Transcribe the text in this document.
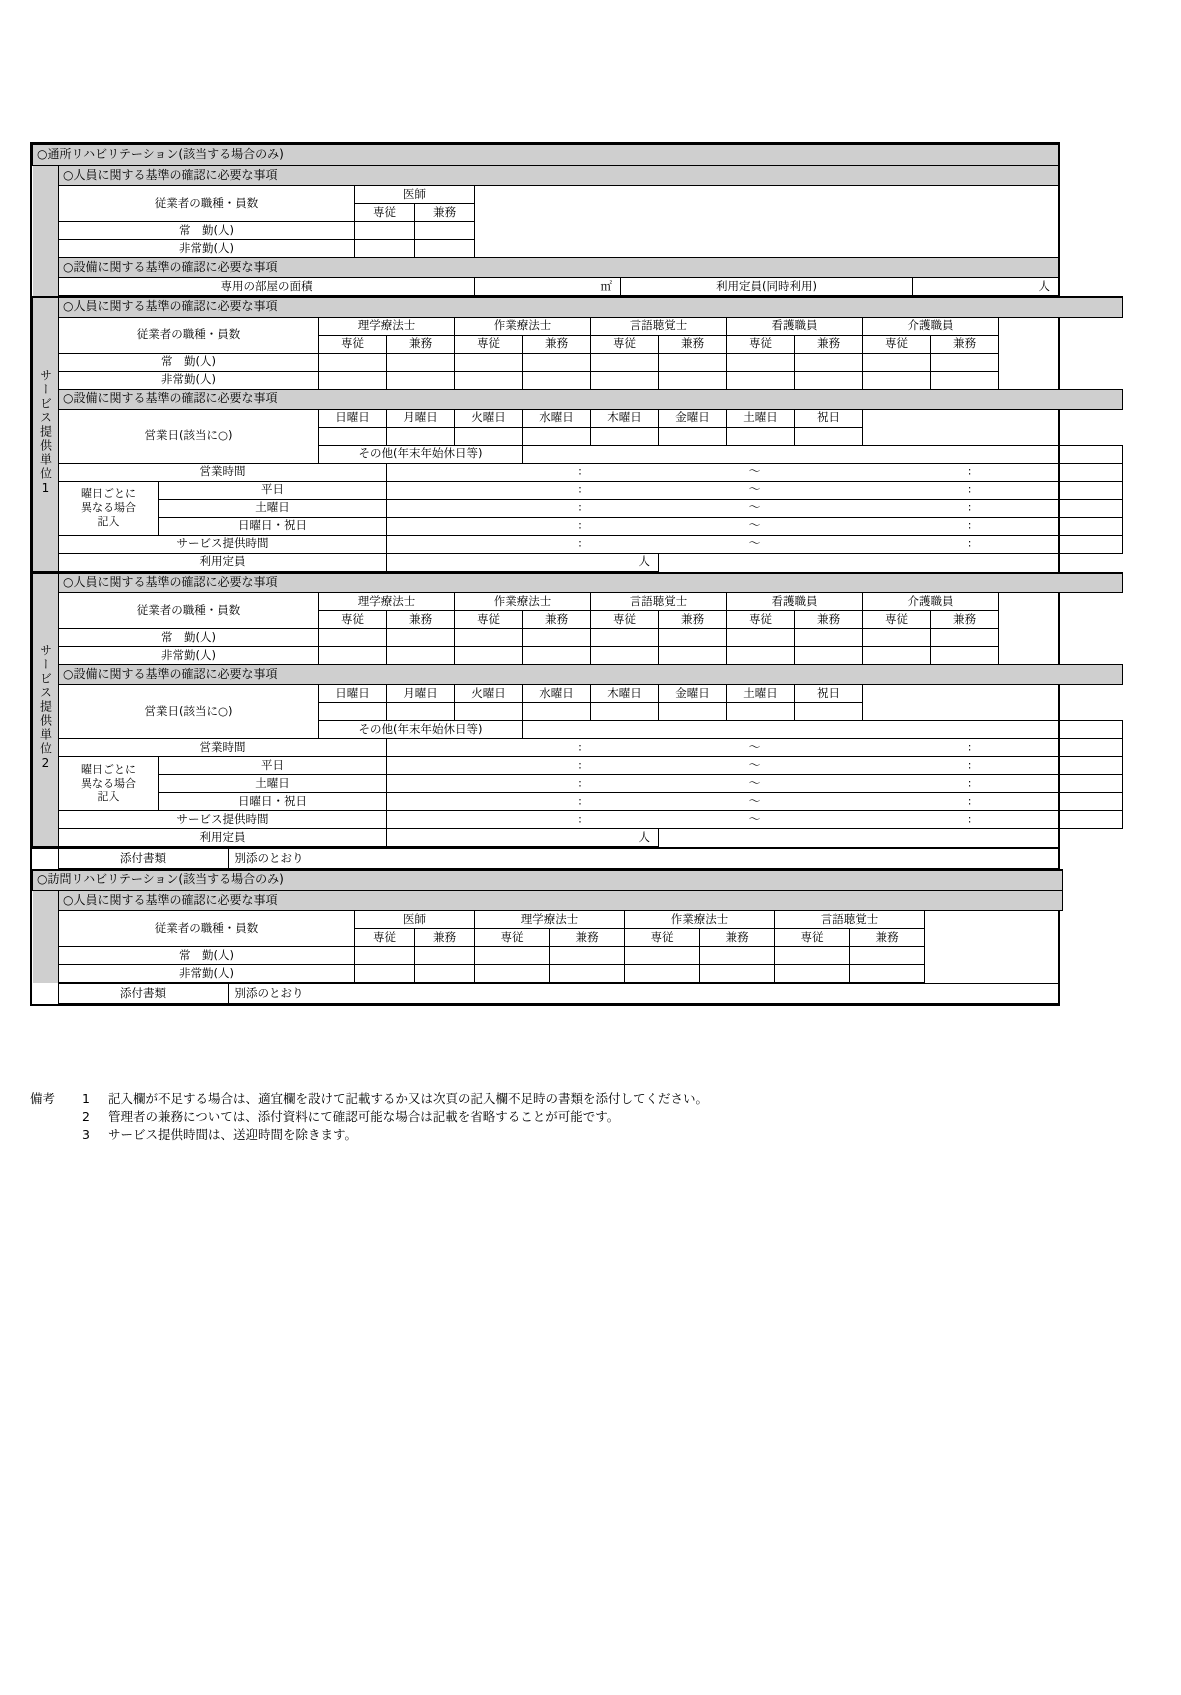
○通所リハビリテーション(該当する場合のみ)						
	○人員に関する基準の確認に必要な事項					
	従業者の職種・員数	医師				
		専従	兼務			
	常　勤(人)					
	非常勤(人)					
	○設備に関する基準の確認に必要な事項					
	専用の部屋の面積			㎡	利用定員(同時利用)	人
サービス提供単位1	○人員に関する基準の確認に必要な事項													
	従業者の職種・員数		理学療法士		作業療法士		言語聴覚士		看護職員		介護職員			
			専従	兼務	専従	兼務	専従	兼務	専従	兼務	専従	兼務		
	常　勤(人)													
	非常勤(人)													
	○設備に関する基準の確認に必要な事項													
	営業日(該当に○)		日曜日	月曜日	火曜日	水曜日	木曜日	金曜日	土曜日	祝日				

			その他(年末年始休日等)											
	営業時間			: ～ :										

曜日ごとに
異なる場合
記入
	平日	:	～	:

		土曜日		: ～ :										

		日曜日・祝日		: ～ :										

	サービス提供時間			: ～ :										

	利用定員			人										
サービス提供単位2	○人員に関する基準の確認に必要な事項													
	従業者の職種・員数		理学療法士		作業療法士		言語聴覚士		看護職員		介護職員			
			専従	兼務	専従	兼務	専従	兼務	専従	兼務	専従	兼務		
	常　勤(人)													
	非常勤(人)													
	○設備に関する基準の確認に必要な事項													
	営業日(該当に○)		日曜日	月曜日	火曜日	水曜日	木曜日	金曜日	土曜日	祝日				

			その他(年末年始休日等)											
	営業時間			: ～ :										

曜日ごとに
異なる場合
記入
	平日	:	～	:

		土曜日		: ～ :										

		日曜日・祝日		: ～ :										

	サービス提供時間			: ～ :										

	利用定員			人										
	添付書類	別添のとおり
○訪問リハビリテーション(該当する場合のみ)											
	○人員に関する基準の確認に必要な事項										
	従業者の職種・員数	医師		理学療法士		作業療法士		言語聴覚士			
		専従	兼務	専従	兼務	専従	兼務	専従	兼務		
	常　勤(人)										
	非常勤(人)										
	添付書類	別添のとおり
備考	1	記入欄が不足する場合は、適宜欄を設けて記載するか又は次頁の記入欄不足時の書類を添付してください。
2	管理者の兼務については、添付資料にて確認可能な場合は記載を省略することが可能です。
3	サービス提供時間は、送迎時間を除きます。
